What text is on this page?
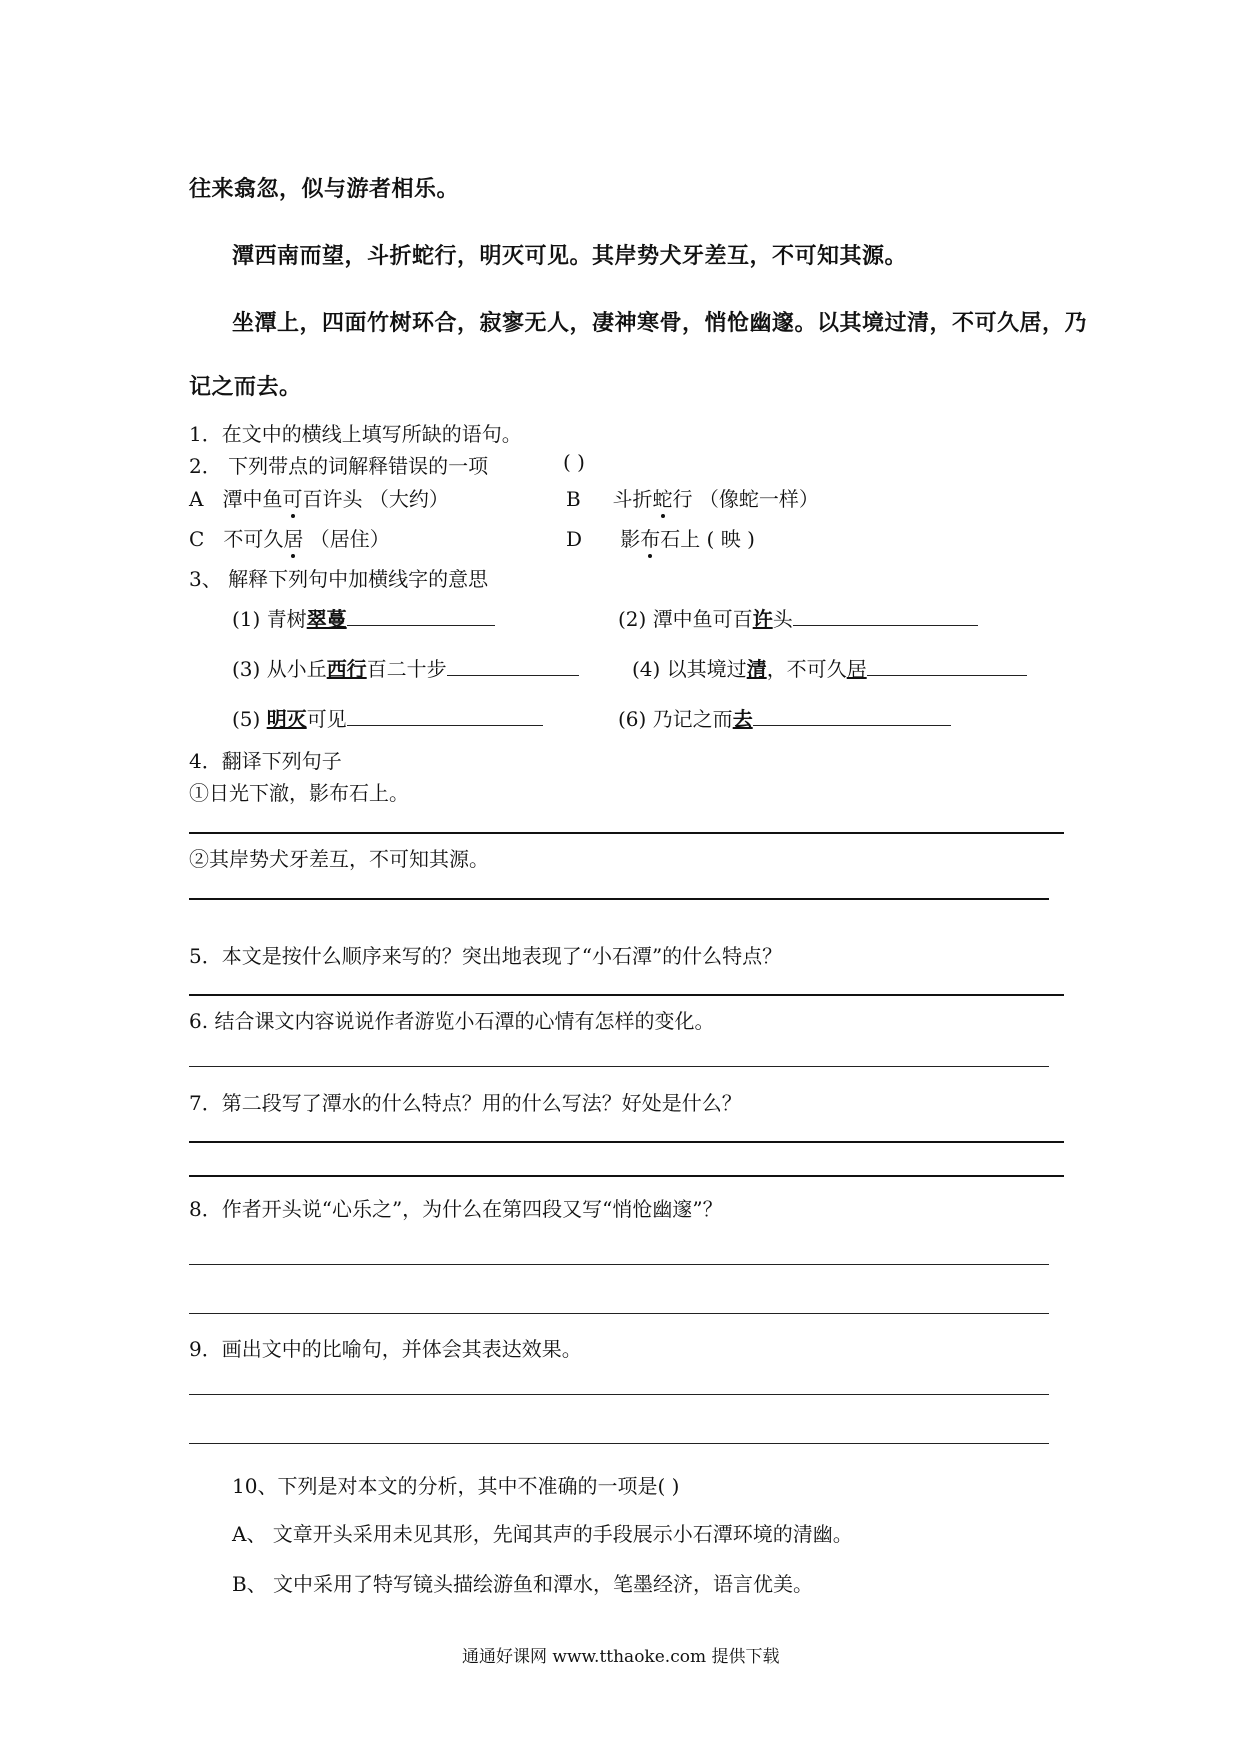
往来翕忽，似与游者相乐。
潭西南而望，斗折蛇行，明灭可见。其岸势犬牙差互，不可知其源。
坐潭上，四面竹树环合，寂寥无人，凄神寒骨，悄怆幽邃。以其境过清，不可久居，乃
记之而去。
1．在文中的横线上填写所缺的语句。
2． 下列带点的词解释错误的一项	( )
A 潭中鱼可百许头 （大约）	B 斗折蛇行 （像蛇一样）
C 不可久居 （居住）	D 影布石上 ( 映 )
3、 解释下列句中加横线字的意思
(1) 青树翠蔓	(2) 潭中鱼可百许头
(3) 从小丘西行百二十步	(4) 以其境过清，不可久居
(5) 明灭可见	(6) 乃记之而去
4．翻译下列句子
①日光下澈，影布石上。
②其岸势犬牙差互，不可知其源。
5．本文是按什么顺序来写的？突出地表现了“小石潭”的什么特点？
6. 结合课文内容说说作者游览小石潭的心情有怎样的变化。
7．第二段写了潭水的什么特点？用的什么写法？好处是什么？
8．作者开头说“心乐之”，为什么在第四段又写“悄怆幽邃”？
9．画出文中的比喻句，并体会其表达效果。
10、下列是对本文的分析，其中不准确的一项是( )
A、 文章开头采用未见其形，先闻其声的手段展示小石潭环境的清幽。
B、 文中采用了特写镜头描绘游鱼和潭水，笔墨经济，语言优美。
通通好课网 www.tthaoke.com 提供下载
